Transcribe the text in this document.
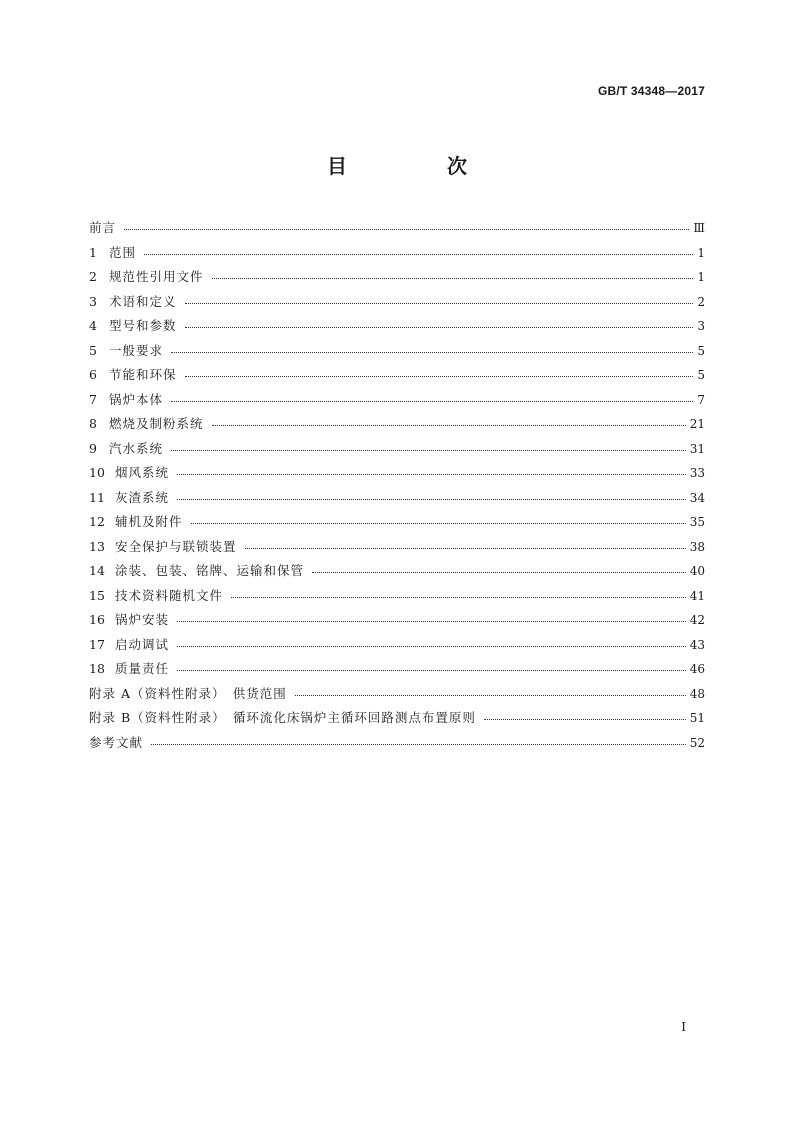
GB/T 34348—2017
目　次
前言	Ⅲ
1 范围	1
2 规范性引用文件	1
3 术语和定义	2
4 型号和参数	3
5 一般要求	5
6 节能和环保	5
7 锅炉本体	7
8 燃烧及制粉系统	21
9 汽水系统	31
10 烟风系统	33
11 灰渣系统	34
12 辅机及附件	35
13 安全保护与联锁装置	38
14 涂装、包装、铭牌、运输和保管	40
15 技术资料随机文件	41
16 锅炉安装	42
17 启动调试	43
18 质量责任	46
附录 A（资料性附录）　供货范围	48
附录 B（资料性附录）　循环流化床锅炉主循环回路测点布置原则	51
参考文献	52
I
